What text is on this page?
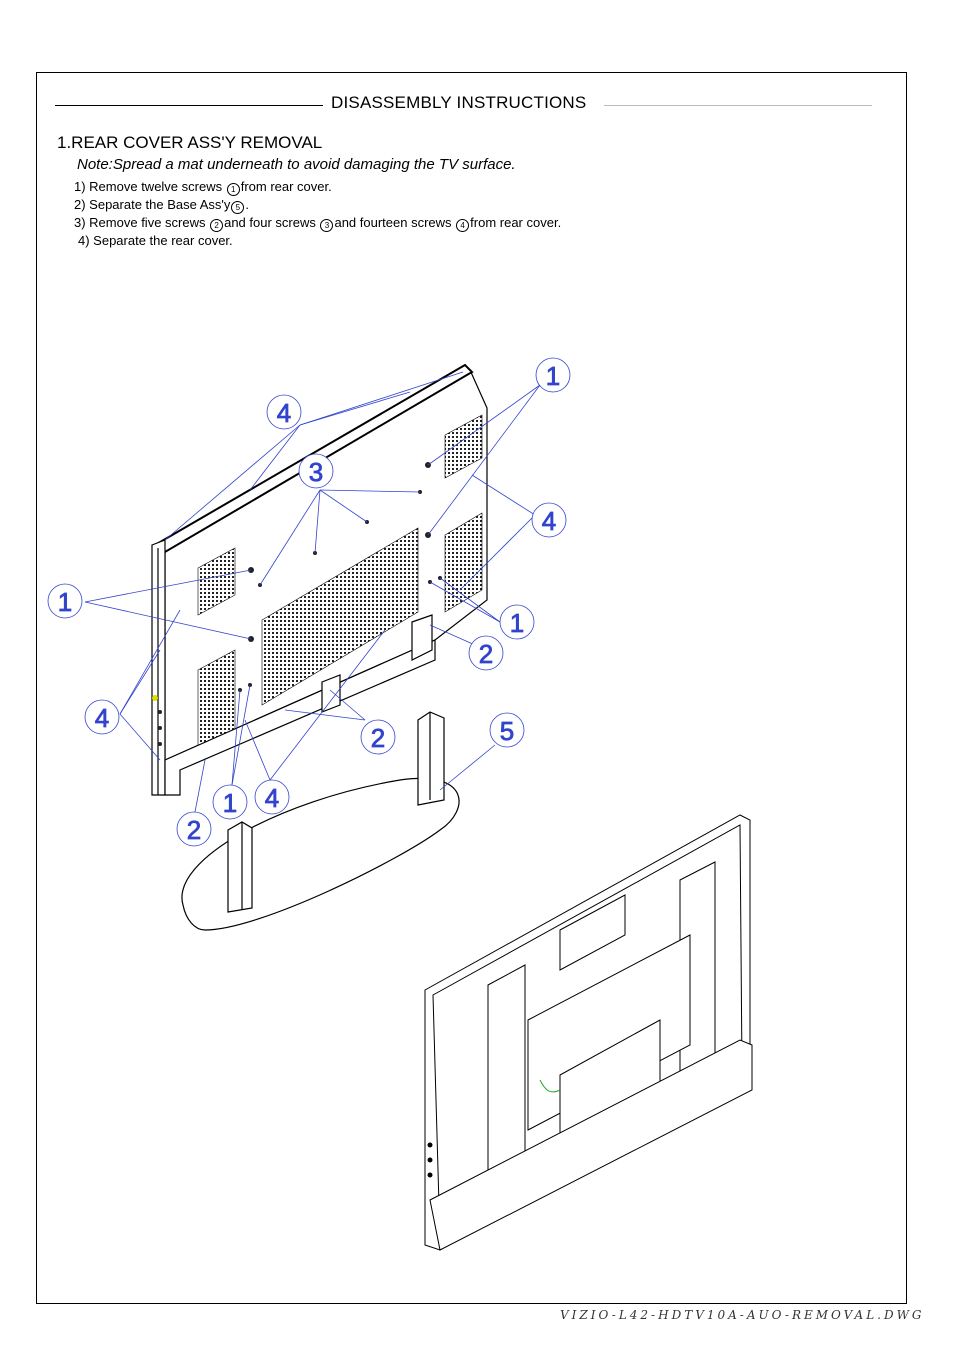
DISASSEMBLY INSTRUCTIONS
1.REAR COVER ASS'Y REMOVAL
Note:Spread a mat underneath to avoid damaging the TV surface.
1) Remove twelve screws 1 from rear cover.
2) Separate the Base Ass'y 5 .
3) Remove five screws 2 and four screws 3 and fourteen screws 4 from rear cover.
4) Separate the rear cover.
1
4
3
4
1
1
2
4	5
2
1 4
2
VIZIO-L42-HDTV10A-AUO-REMOVAL.DWG
